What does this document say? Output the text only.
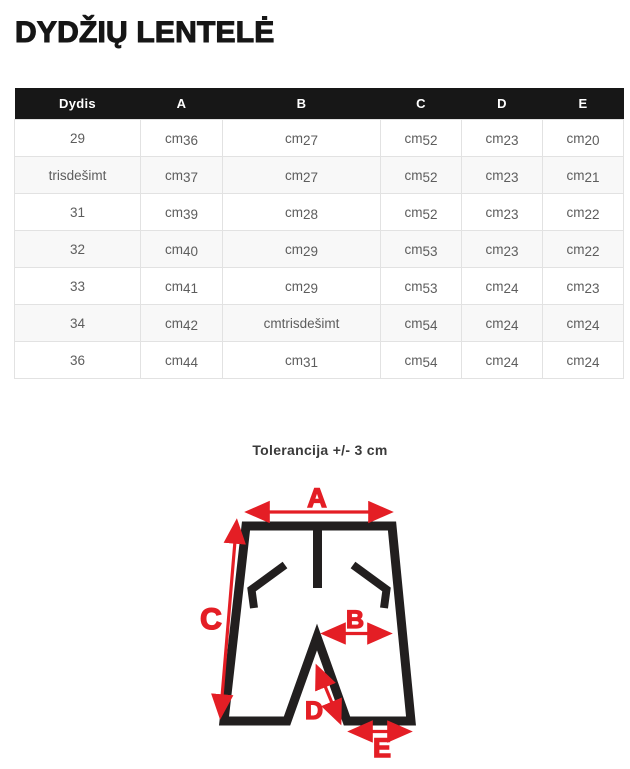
DYDŽIŲ LENTELĖ
Dydis	A	B	C	D	E
29	cm36	cm27	cm52	cm23	cm20
trisdešimt	cm37	cm27	cm52	cm23	cm21
31	cm39	cm28	cm52	cm23	cm22
32	cm40	cm29	cm53	cm23	cm22
33	cm41	cm29	cm53	cm24	cm23
34	cm42	cmtrisdešimt	cm54	cm24	cm24
36	cm44	cm31	cm54	cm24	cm24
Tolerancija +/- 3 cm
A
B
C
D
E
